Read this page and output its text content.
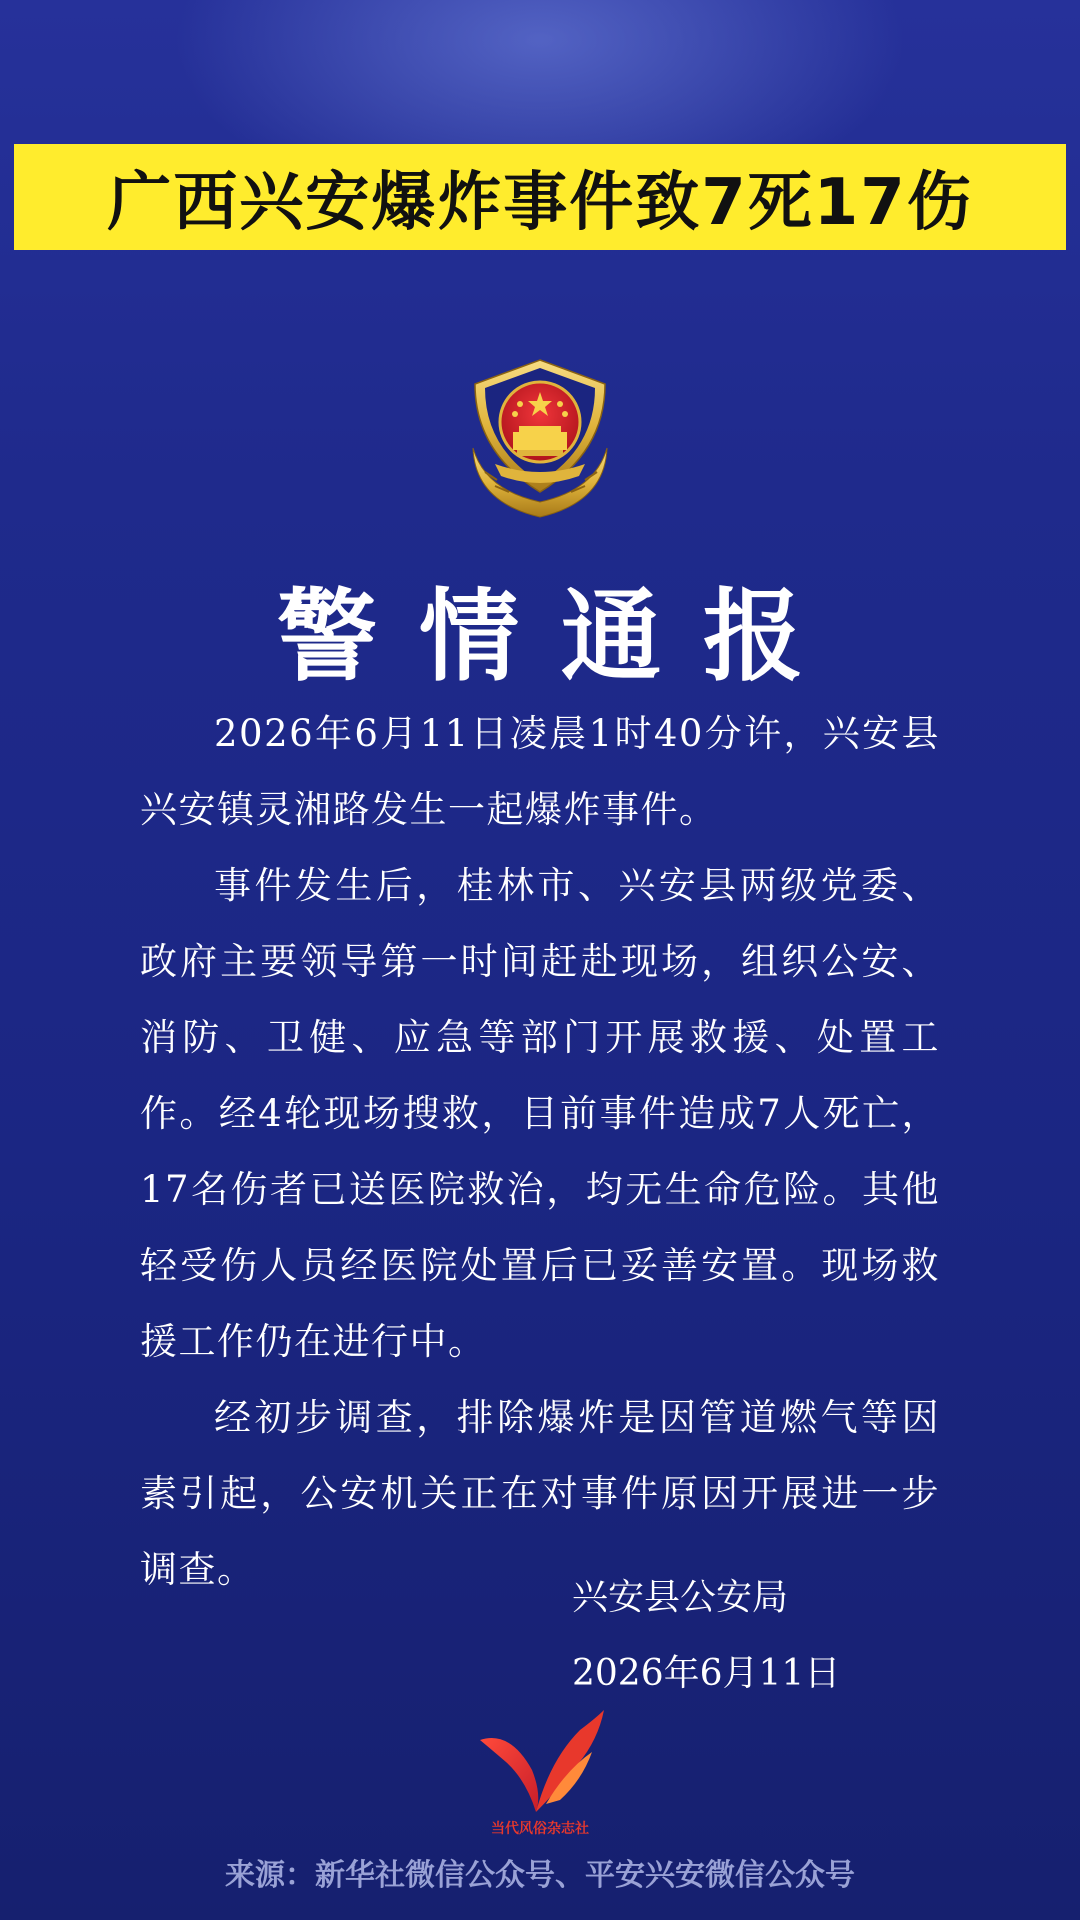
广西兴安爆炸事件致7死17伤
警情通报

2026年6月11日凌晨1时40分许，兴安县兴安镇灵湘路发生一起爆炸事件。

事件发生后，桂林市、兴安县两级党委、政府主要领导第一时间赶赴现场，组织公安、消防、卫健、应急等部门开展救援、处置工作。经4轮现场搜救，目前事件造成7人死亡，17名伤者已送医院救治，均无生命危险。其他轻受伤人员经医院处置后已妥善安置。现场救援工作仍在进行中。

经初步调查，排除爆炸是因管道燃气等因素引起，公安机关正在对事件原因开展进一步调查。

兴安县公安局
2026年6月11日
当代风俗杂志社
来源：新华社微信公众号、平安兴安微信公众号
